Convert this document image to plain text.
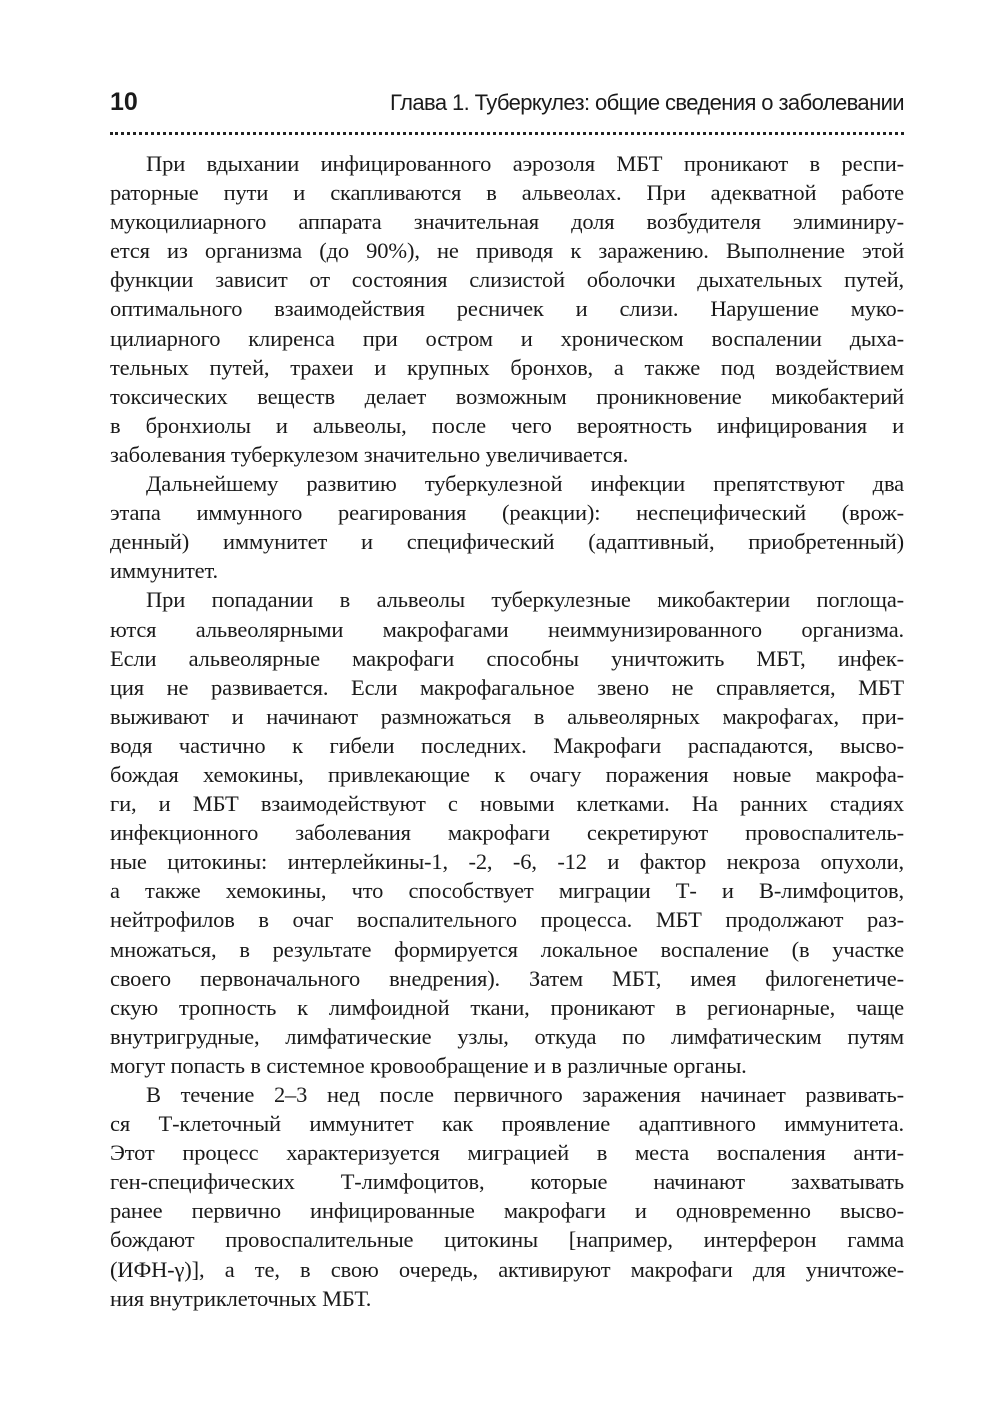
10	Глава 1. Туберкулез: общие сведения о заболевании
При вдыхании инфицированного аэрозоля МБТ проникают в респи-
раторные пути и скапливаются в альвеолах. При адекватной работе
мукоцилиарного аппарата значительная доля возбудителя элиминиру-
ется из организма (до 90%), не приводя к заражению. Выполнение этой
функции зависит от состояния слизистой оболочки дыхательных путей,
оптимального взаимодействия ресничек и слизи. Нарушение муко-
цилиарного клиренса при остром и хроническом воспалении дыха-
тельных путей, трахеи и крупных бронхов, а также под воздействием
токсических веществ делает возможным проникновение микобактерий
в бронхиолы и альвеолы, после чего вероятность инфицирования и
заболевания туберкулезом значительно увеличивается.
Дальнейшему развитию туберкулезной инфекции препятствуют два
этапа иммунного реагирования (реакции): неспецифический (врож-
денный) иммунитет и специфический (адаптивный, приобретенный)
иммунитет.
При попадании в альвеолы туберкулезные микобактерии поглоща-
ются альвеолярными макрофагами неиммунизированного организма.
Если альвеолярные макрофаги способны уничтожить МБТ, инфек-
ция не развивается. Если макрофагальное звено не справляется, МБТ
выживают и начинают размножаться в альвеолярных макрофагах, при-
водя частично к гибели последних. Макрофаги распадаются, высво-
бождая хемокины, привлекающие к очагу поражения новые макрофа-
ги, и МБТ взаимодействуют с новыми клетками. На ранних стадиях
инфекционного заболевания макрофаги секретируют провоспалитель-
ные цитокины: интерлейкины-1, -2, -6, -12 и фактор некроза опухоли,
а также хемокины, что способствует миграции Т- и В-лимфоцитов,
нейтрофилов в очаг воспалительного процесса. МБТ продолжают раз-
множаться, в результате формируется локальное воспаление (в участке
своего первоначального внедрения). Затем МБТ, имея филогенетиче-
скую тропность к лимфоидной ткани, проникают в регионарные, чаще
внутригрудные, лимфатические узлы, откуда по лимфатическим путям
могут попасть в системное кровообращение и в различные органы.
В течение 2–3 нед после первичного заражения начинает развивать-
ся Т-клеточный иммунитет как проявление адаптивного иммунитета.
Этот процесс характеризуется миграцией в места воспаления анти-
ген-специфических Т-лимфоцитов, которые начинают захватывать
ранее первично инфицированные макрофаги и одновременно высво-
бождают провоспалительные цитокины [например, интерферон гамма
(ИФН-γ)], а те, в свою очередь, активируют макрофаги для уничтоже-
ния внутриклеточных МБТ.
